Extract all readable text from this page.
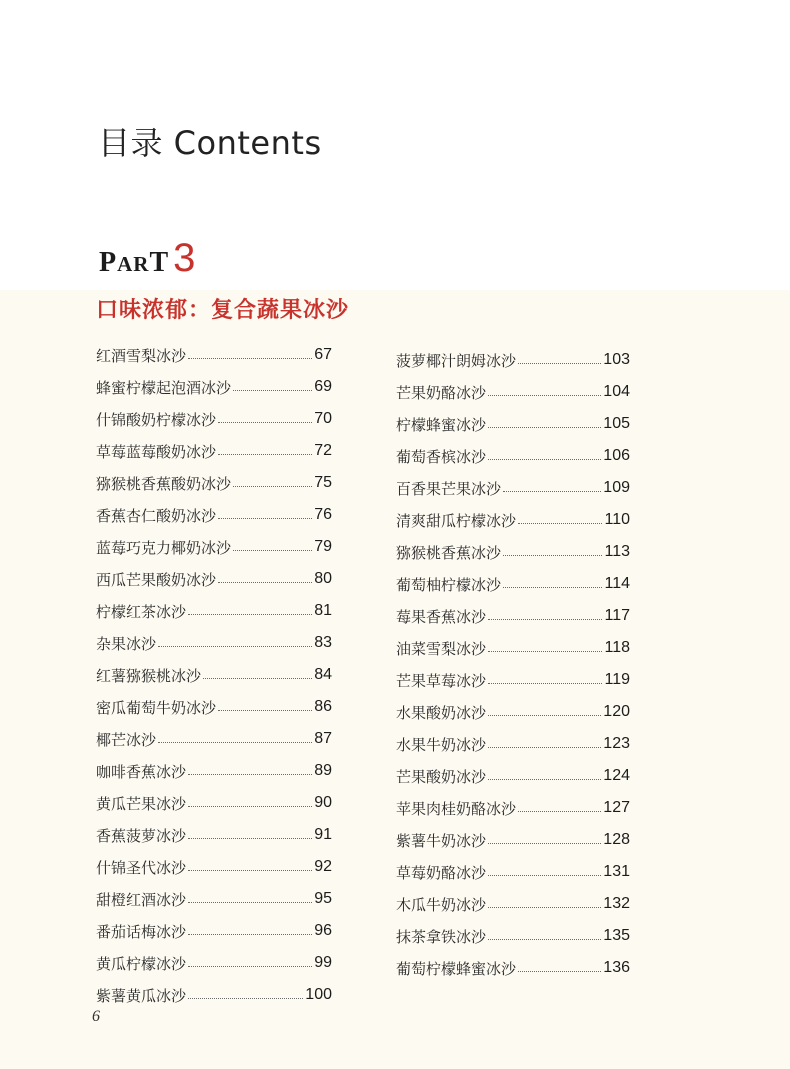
目录 Contents
PART 3
口味浓郁：复合蔬果冰沙
红酒雪梨冰沙	67
蜂蜜柠檬起泡酒冰沙	69
什锦酸奶柠檬冰沙	70
草莓蓝莓酸奶冰沙	72
猕猴桃香蕉酸奶冰沙	75
香蕉杏仁酸奶冰沙	76
蓝莓巧克力椰奶冰沙	79
西瓜芒果酸奶冰沙	80
柠檬红茶冰沙	81
杂果冰沙	83
红薯猕猴桃冰沙	84
密瓜葡萄牛奶冰沙	86
椰芒冰沙	87
咖啡香蕉冰沙	89
黄瓜芒果冰沙	90
香蕉菠萝冰沙	91
什锦圣代冰沙	92
甜橙红酒冰沙	95
番茄话梅冰沙	96
黄瓜柠檬冰沙	99
紫薯黄瓜冰沙	100
菠萝椰汁朗姆冰沙	103
芒果奶酪冰沙	104
柠檬蜂蜜冰沙	105
葡萄香槟冰沙	106
百香果芒果冰沙	109
清爽甜瓜柠檬冰沙	110
猕猴桃香蕉冰沙	113
葡萄柚柠檬冰沙	114
莓果香蕉冰沙	117
油菜雪梨冰沙	118
芒果草莓冰沙	119
水果酸奶冰沙	120
水果牛奶冰沙	123
芒果酸奶冰沙	124
苹果肉桂奶酪冰沙	127
紫薯牛奶冰沙	128
草莓奶酪冰沙	131
木瓜牛奶冰沙	132
抹茶拿铁冰沙	135
葡萄柠檬蜂蜜冰沙	136
6
